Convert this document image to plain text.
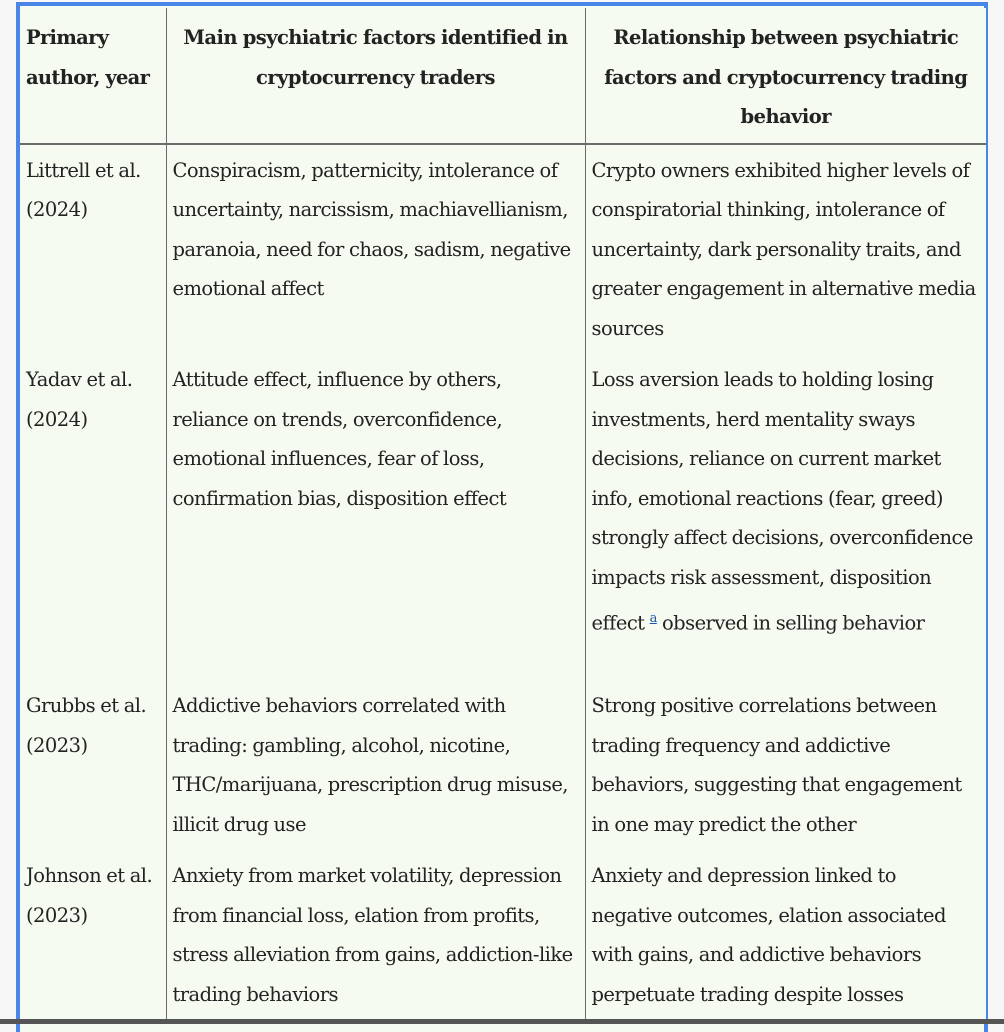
Primary author, year	Main psychiatric factors identified in cryptocurrency traders	Relationship between psychiatric factors and cryptocurrency trading behavior
Littrell et al. (2024)	Conspiracism, patternicity, intolerance of uncertainty, narcissism, machiavellianism, paranoia, need for chaos, sadism, negative emotional affect	Crypto owners exhibited higher levels of conspiratorial thinking, intolerance of uncertainty, dark personality traits, and greater engagement in alternative media sources
Yadav et al. (2024)	Attitude effect, influence by others, reliance on trends, overconfidence, emotional influences, fear of loss, confirmation bias, disposition effect	Loss aversion leads to holding losing investments, herd mentality sways decisions, reliance on current market info, emotional reactions (fear, greed) strongly affect decisions, overconfidence impacts risk assessment, disposition effect $^a$ observed in selling behavior
Grubbs et al. (2023)	Addictive behaviors correlated with trading: gambling, alcohol, nicotine, THC/marijuana, prescription drug misuse, illicit drug use	Strong positive correlations between trading frequency and addictive behaviors, suggesting that engagement in one may predict the other
Johnson et al. (2023)	Anxiety from market volatility, depression from financial loss, elation from profits, stress alleviation from gains, addiction-like trading behaviors	Anxiety and depression linked to negative outcomes, elation associated with gains, and addictive behaviors perpetuate trading despite losses
